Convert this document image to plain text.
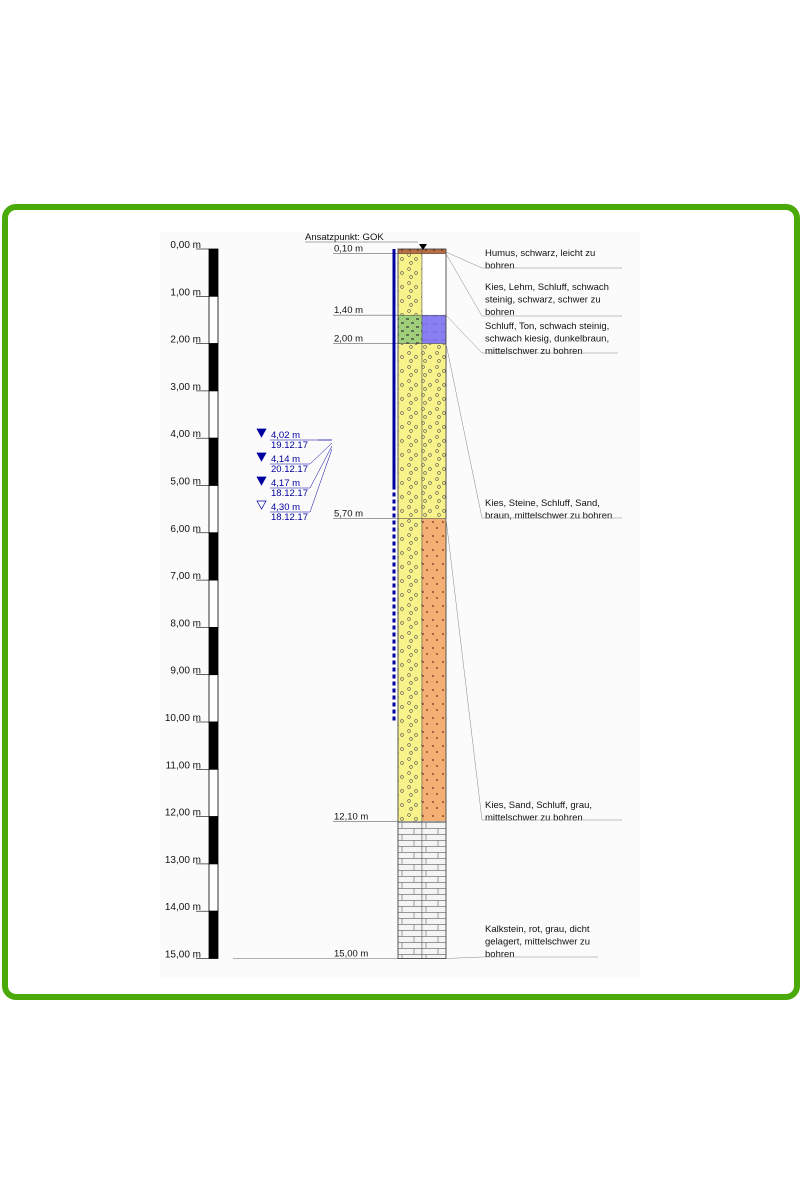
0,00 m
1,00 m
2,00 m
3,00 m
4,00 m
5,00 m
6,00 m
7,00 m
8,00 m
9,00 m
10,00 m
11,00 m
12,00 m
13,00 m
14,00 m
15,00 m
0,10 m	Humus, schwarz, leicht zu
bohren
1,40 m
Kies, Lehm, Schluff, schwach
steinig, schwarz, schwer zu
bohren
2,00 m
Schluff, Ton, schwach steinig,
schwach kiesig, dunkelbraun,
mittelschwer zu bohren
5,70 m
Kies, Steine, Schluff, Sand,
braun, mittelschwer zu bohren
12,10 m
Kies, Sand, Schluff, grau,
mittelschwer zu bohren
15,00 m
Kalkstein, rot, grau, dicht
gelagert, mittelschwer zu
bohren
Ansatzpunkt: GOK
4,02 m
19.12.17
4,14 m
20.12.17
4,17 m
18.12.17
4,30 m
18.12.17
